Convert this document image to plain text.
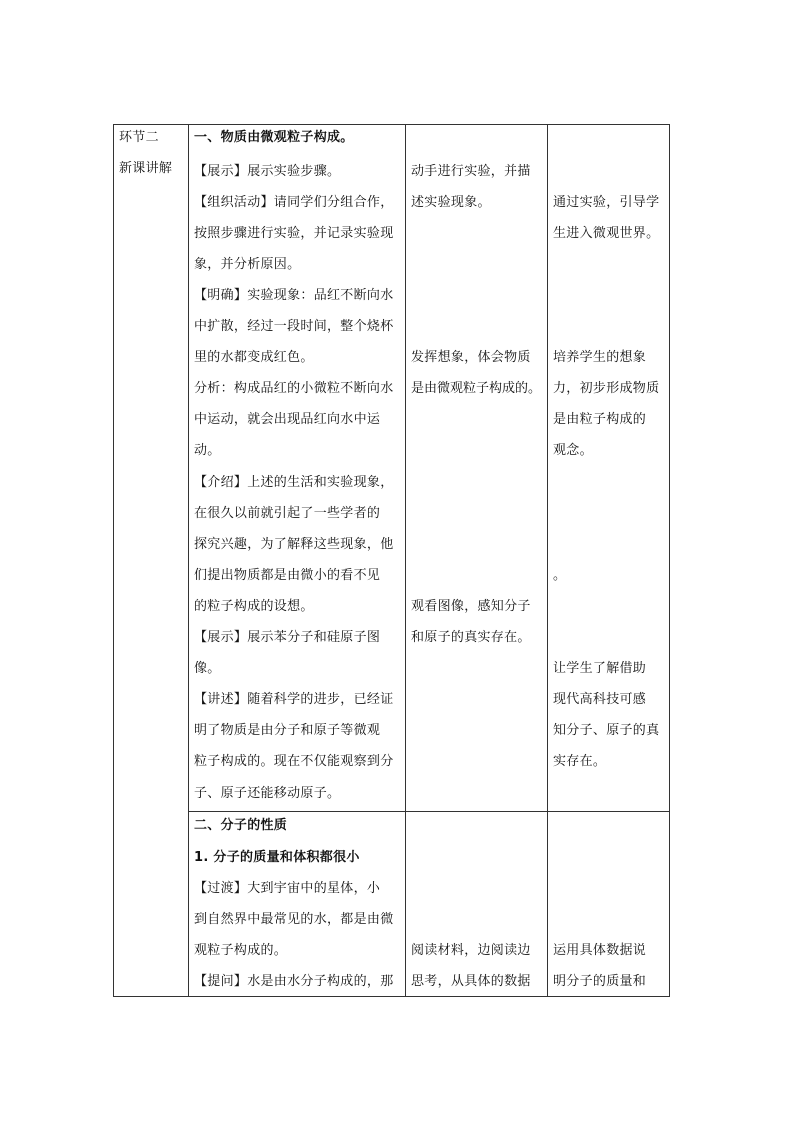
环节二
新课讲解
一、物质由微观粒子构成。
【展示】展示实验步骤。
【组织活动】请同学们分组合作，
按照步骤进行实验，并记录实验现
象，并分析原因。
【明确】实验现象：品红不断向水
中扩散，经过一段时间，整个烧杯
里的水都变成红色。
分析：构成品红的小微粒不断向水
中运动，就会出现品红向水中运
动。
【介绍】上述的生活和实验现象，
在很久以前就引起了一些学者的
探究兴趣，为了解释这些现象，他
们提出物质都是由微小的看不见
的粒子构成的设想。
【展示】展示苯分子和硅原子图
像。
【讲述】随着科学的进步，已经证
明了物质是由分子和原子等微观
粒子构成的。现在不仅能观察到分
子、原子还能移动原子。
动手进行实验，并描
述实验现象。
发挥想象，体会物质
是由微观粒子构成的。
观看图像，感知分子
和原子的真实存在。
通过实验，引导学
生进入微观世界。
培养学生的想象
力，初步形成物质
是由粒子构成的
观念。
。
让学生了解借助
现代高科技可感
知分子、原子的真
实存在。
二、分子的性质
1. 分子的质量和体积都很小
【过渡】大到宇宙中的星体，小
到自然界中最常见的水，都是由微
观粒子构成的。
【提问】水是由水分子构成的，那
阅读材料，边阅读边
思考，从具体的数据
运用具体数据说
明分子的质量和
